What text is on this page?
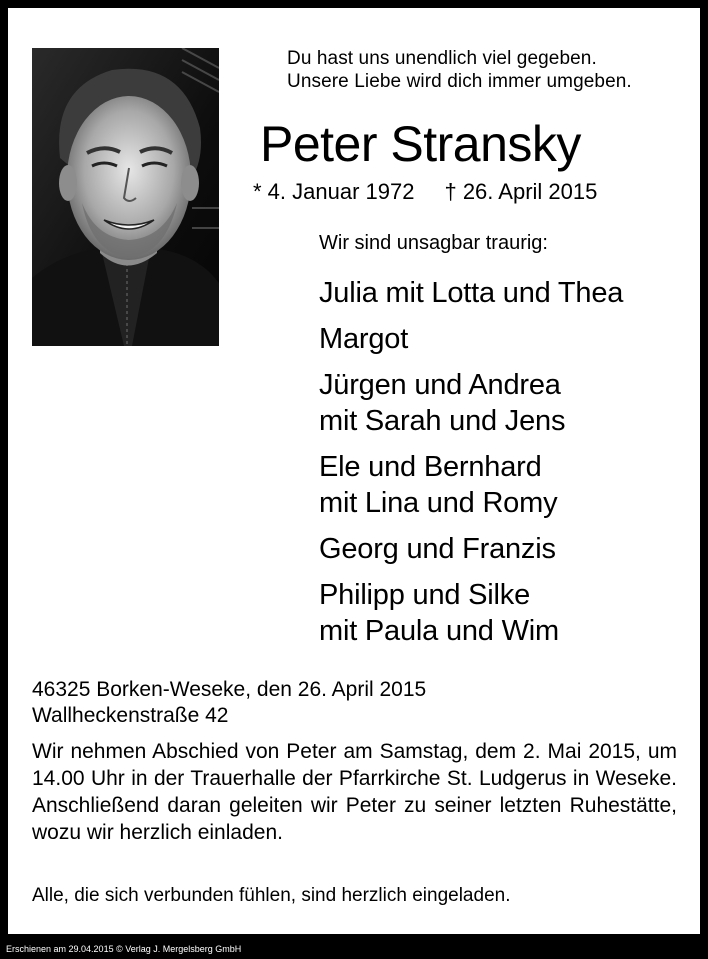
Du hast uns unendlich viel gegeben.
Unsere Liebe wird dich immer umgeben.
Peter Stransky
* 4. Januar 1972 † 26. April 2015
Wir sind unsagbar traurig:
Julia mit Lotta und Thea
Margot
Jürgen und Andrea
mit Sarah und Jens
Ele und Bernhard
mit Lina und Romy
Georg und Franzis
Philipp und Silke
mit Paula und Wim
46325 Borken-Weseke, den 26. April 2015
Wallheckenstraße 42
Wir nehmen Abschied von Peter am Samstag, dem 2. Mai 2015, um 14.00 Uhr in der Trauerhalle der Pfarrkirche St. Ludgerus in Weseke. Anschließend daran geleiten wir Peter zu seiner letzten Ruhestätte, wozu wir herzlich einladen.
Alle, die sich verbunden fühlen, sind herzlich eingeladen.
Erschienen am 29.04.2015 © Verlag J. Mergelsberg GmbH
